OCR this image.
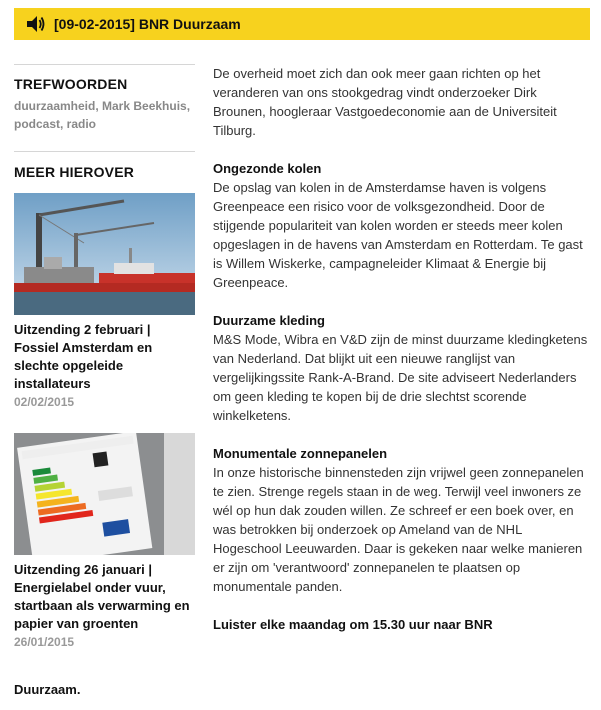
[09-02-2015] BNR Duurzaam
TREFWOORDEN
duurzaamheid, Mark Beekhuis, podcast, radio
MEER HIEROVER
Uitzending 2 februari | Fossiel Amsterdam en slechte opgeleide installateurs
02/02/2015
Uitzending 26 januari | Energielabel onder vuur, startbaan als verwarming en papier van groenten
26/01/2015
Duurzaam.

De overheid moet zich dan ook meer gaan richten op het veranderen van ons stookgedrag vindt onderzoeker Dirk Brounen, hoogleraar Vastgoedeconomie aan de Universiteit Tilburg.

Ongezonde kolen

De opslag van kolen in de Amsterdamse haven is volgens Greenpeace een risico voor de volksgezondheid. Door de stijgende populariteit van kolen worden er steeds meer kolen opgeslagen in de havens van Amsterdam en Rotterdam. Te gast is Willem Wiskerke, campagneleider Klimaat & Energie bij Greenpeace.

Duurzame kleding

M&S Mode, Wibra en V&D zijn de minst duurzame kledingketens van Nederland. Dat blijkt uit een nieuwe ranglijst van vergelijkingssite Rank-A-Brand. De site adviseert Nederlanders om geen kleding te kopen bij de drie slechtst scorende winkelketens.

Monumentale zonnepanelen

In onze historische binnensteden zijn vrijwel geen zonnepanelen te zien. Strenge regels staan in de weg. Terwijl veel inwoners ze wél op hun dak zouden willen. Ze schreef er een boek over, en was betrokken bij onderzoek op Ameland van de NHL Hogeschool Leeuwarden. Daar is gekeken naar welke manieren er zijn om 'verantwoord' zonnepanelen te plaatsen op monumentale panden.

Luister elke maandag om 15.30 uur naar BNR
